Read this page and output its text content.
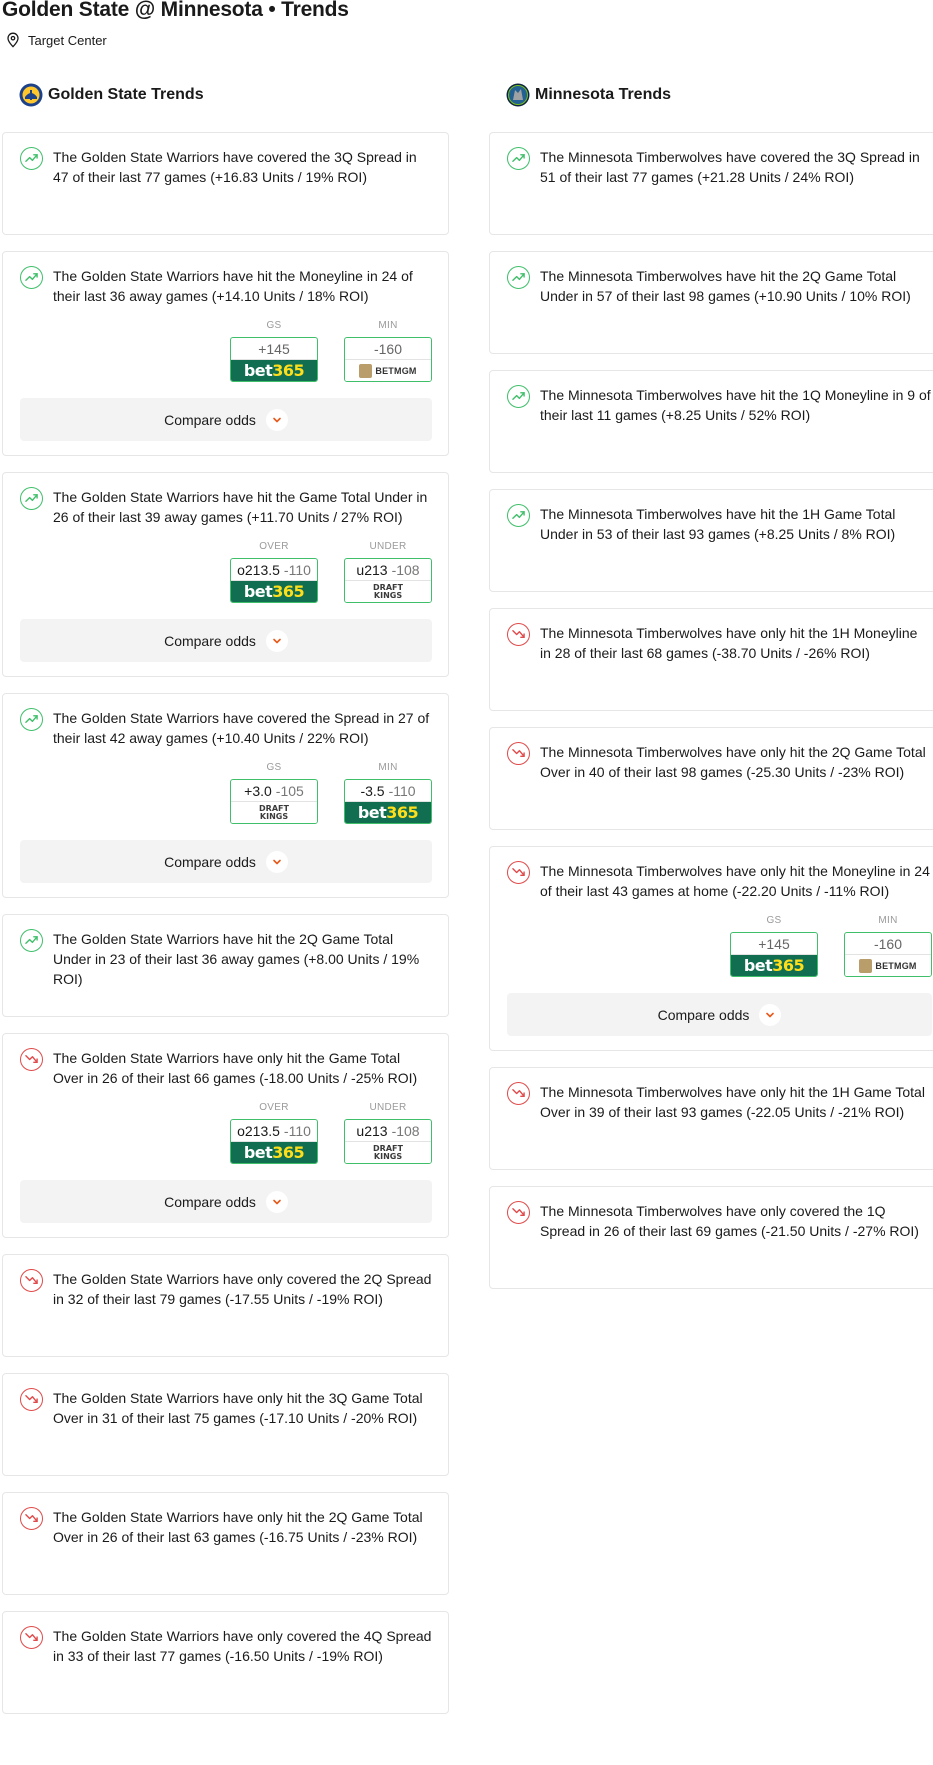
Golden State @ Minnesota • Trends
Target Center
Golden State Trends
The Golden State Warriors have covered the 3Q Spread in 47 of their last 77 games (+16.83 Units / 19% ROI)
The Golden State Warriors have hit the Moneyline in 24 of their last 36 away games (+14.10 Units / 18% ROI)
GS
+145
bet 365
MIN
-160
BETMGM
Compare odds
The Golden State Warriors have hit the Game Total Under in 26 of their last 39 away games (+11.70 Units / 27% ROI)
OVER
o213.5 -110
bet 365
UNDER
u213 -108
DRAFT
KINGS
Compare odds
The Golden State Warriors have covered the Spread in 27 of their last 42 away games (+10.40 Units / 22% ROI)
GS
+3.0 -105
DRAFT
KINGS
MIN
-3.5 -110
bet 365
Compare odds
The Golden State Warriors have hit the 2Q Game Total Under in 23 of their last 36 away games (+8.00 Units / 19% ROI)
The Golden State Warriors have only hit the Game Total Over in 26 of their last 66 games (-18.00 Units / -25% ROI)
OVER
o213.5 -110
bet 365
UNDER
u213 -108
DRAFT
KINGS
Compare odds
The Golden State Warriors have only covered the 2Q Spread in 32 of their last 79 games (-17.55 Units / -19% ROI)
The Golden State Warriors have only hit the 3Q Game Total Over in 31 of their last 75 games (-17.10 Units / -20% ROI)
The Golden State Warriors have only hit the 2Q Game Total Over in 26 of their last 63 games (-16.75 Units / -23% ROI)
The Golden State Warriors have only covered the 4Q Spread in 33 of their last 77 games (-16.50 Units / -19% ROI)
Minnesota Trends
The Minnesota Timberwolves have covered the 3Q Spread in 51 of their last 77 games (+21.28 Units / 24% ROI)
The Minnesota Timberwolves have hit the 2Q Game Total Under in 57 of their last 98 games (+10.90 Units / 10% ROI)
The Minnesota Timberwolves have hit the 1Q Moneyline in 9 of their last 11 games (+8.25 Units / 52% ROI)
The Minnesota Timberwolves have hit the 1H Game Total Under in 53 of their last 93 games (+8.25 Units / 8% ROI)
The Minnesota Timberwolves have only hit the 1H Moneyline in 28 of their last 68 games (-38.70 Units / -26% ROI)
The Minnesota Timberwolves have only hit the 2Q Game Total Over in 40 of their last 98 games (-25.30 Units / -23% ROI)
The Minnesota Timberwolves have only hit the Moneyline in 24 of their last 43 games at home (-22.20 Units / -11% ROI)
GS
+145
bet 365
MIN
-160
BETMGM
Compare odds
The Minnesota Timberwolves have only hit the 1H Game Total Over in 39 of their last 93 games (-22.05 Units / -21% ROI)
The Minnesota Timberwolves have only covered the 1Q Spread in 26 of their last 69 games (-21.50 Units / -27% ROI)
